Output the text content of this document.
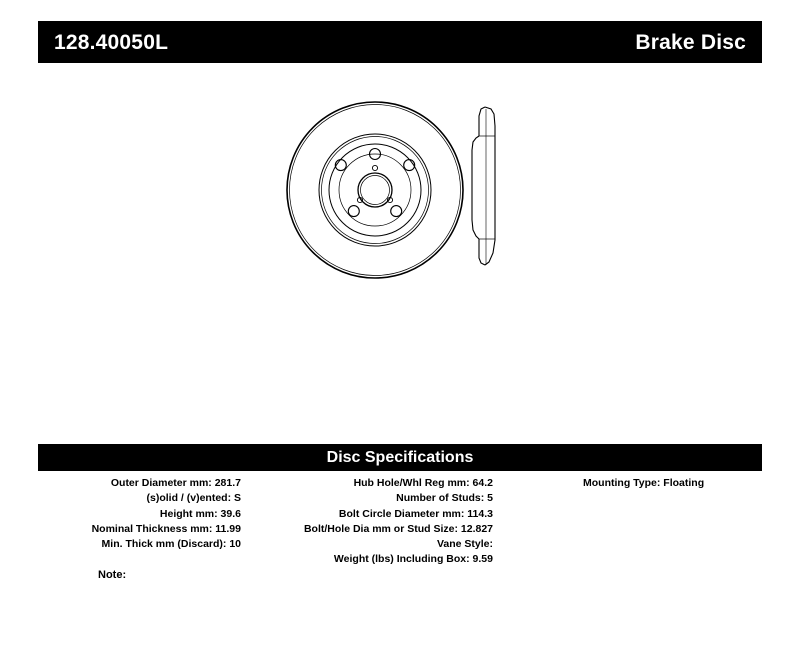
128.40050L	Brake Disc
Disc Specifications
Outer Diameter mm: 281.7
(s)olid / (v)ented: S
Height mm: 39.6
Nominal Thickness mm: 11.99
Min. Thick mm (Discard): 10
Hub Hole/Whl Reg mm: 64.2
Number of Studs: 5
Bolt Circle Diameter mm: 114.3
Bolt/Hole Dia mm or Stud Size: 12.827
Vane Style:
Weight (lbs) Including Box: 9.59
Mounting Type: Floating
Note:
